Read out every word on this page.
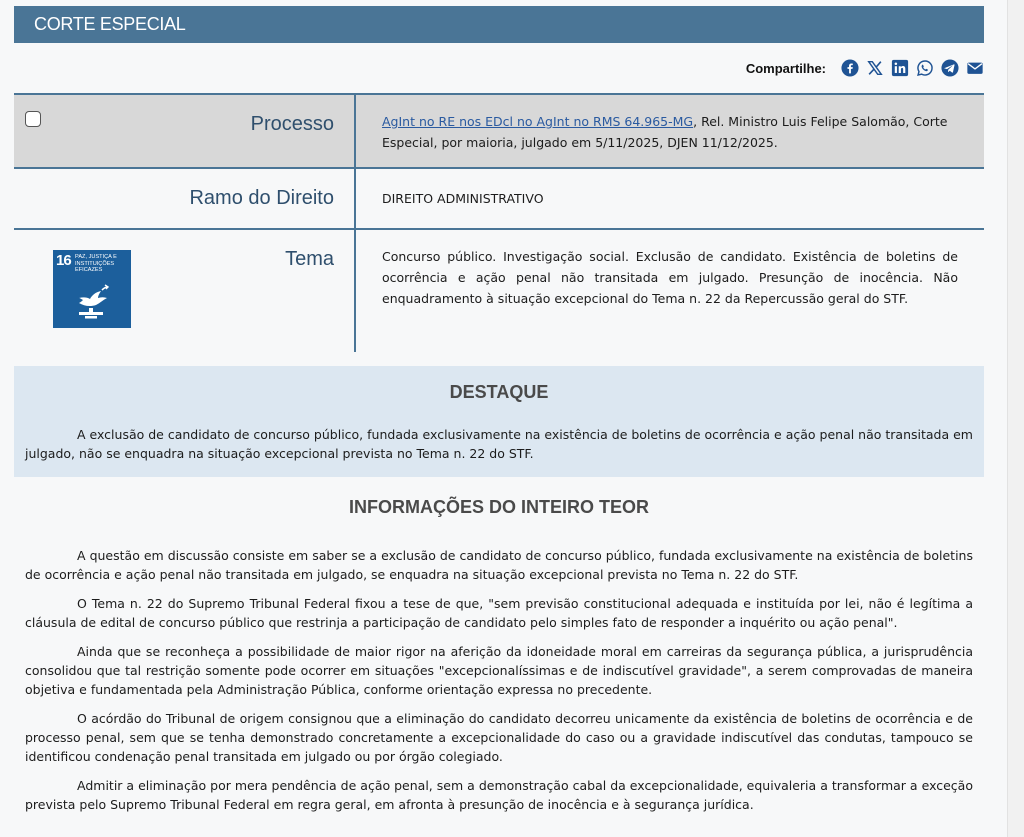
CORTE ESPECIAL
Compartilhe:
Processo	AgInt no RE nos EDcl no AgInt no RMS 64.965-MG, Rel. Ministro Luis Felipe Salomão, Corte Especial, por maioria, julgado em 5/11/2025, DJEN 11/12/2025.
Ramo do Direito	DIREITO ADMINISTRATIVO
16 PAZ, JUSTIÇA E INSTITUIÇÕES EFICAZES	Tema	Concurso público. Investigação social. Exclusão de candidato. Existência de boletins de ocorrência e ação penal não transitada em julgado. Presunção de inocência. Não enquadramento à situação excepcional do Tema n. 22 da Repercussão geral do STF.
DESTAQUE

A exclusão de candidato de concurso público, fundada exclusivamente na existência de boletins de ocorrência e ação penal não transitada em julgado, não se enquadra na situação excepcional prevista no Tema n. 22 do STF.

INFORMAÇÕES DO INTEIRO TEOR

A questão em discussão consiste em saber se a exclusão de candidato de concurso público, fundada exclusivamente na existência de boletins de ocorrência e ação penal não transitada em julgado, se enquadra na situação excepcional prevista no Tema n. 22 do STF.

O Tema n. 22 do Supremo Tribunal Federal fixou a tese de que, "sem previsão constitucional adequada e instituída por lei, não é legítima a cláusula de edital de concurso público que restrinja a participação de candidato pelo simples fato de responder a inquérito ou ação penal".

Ainda que se reconheça a possibilidade de maior rigor na aferição da idoneidade moral em carreiras da segurança pública, a jurisprudência consolidou que tal restrição somente pode ocorrer em situações "excepcionalíssimas e de indiscutível gravidade", a serem comprovadas de maneira objetiva e fundamentada pela Administração Pública, conforme orientação expressa no precedente.

O acórdão do Tribunal de origem consignou que a eliminação do candidato decorreu unicamente da existência de boletins de ocorrência e de processo penal, sem que se tenha demonstrado concretamente a excepcionalidade do caso ou a gravidade indiscutível das condutas, tampouco se identificou condenação penal transitada em julgado ou por órgão colegiado.

Admitir a eliminação por mera pendência de ação penal, sem a demonstração cabal da excepcionalidade, equivaleria a transformar a exceção prevista pelo Supremo Tribunal Federal em regra geral, em afronta à presunção de inocência e à segurança jurídica.
